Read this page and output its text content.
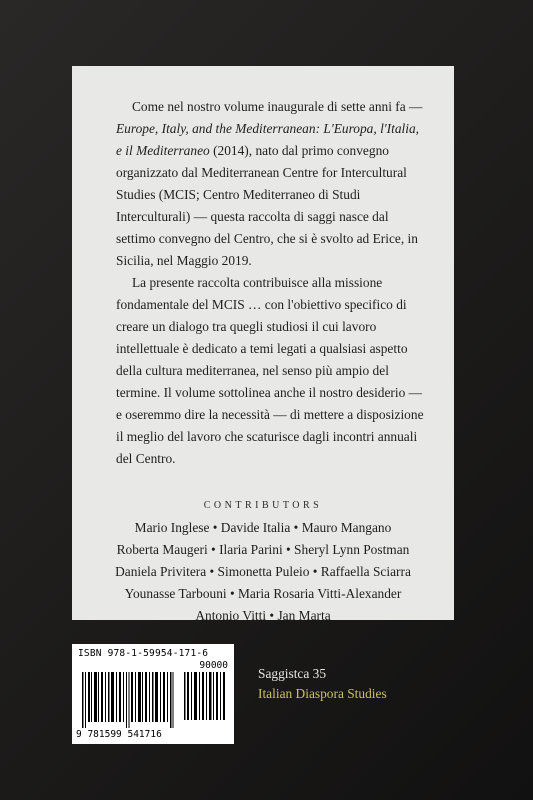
Come nel nostro volume inaugurale di sette anni fa — Europe, Italy, and the Mediterranean: L'Europa, l'Italia, e il Mediterraneo (2014), nato dal primo convegno organizzato dal Mediterranean Centre for Intercultural Studies (MCIS; Centro Mediterraneo di Studi Interculturali) — questa raccolta di saggi nasce dal settimo convegno del Centro, che si è svolto ad Erice, in Sicilia, nel Maggio 2019.

La presente raccolta contribuisce alla missione fondamentale del MCIS … con l'obiettivo specifico di creare un dialogo tra quegli studiosi il cui lavoro intellettuale è dedicato a temi legati a qualsiasi aspetto della cultura mediterranea, nel senso più ampio del termine. Il volume sottolinea anche il nostro desiderio — e oseremmo dire la necessità — di mettere a disposizione il meglio del lavoro che scaturisce dagli incontri annuali del Centro.

CONTRIBUTORS
Mario Inglese • Davide Italia • Mauro Mangano
Roberta Maugeri • Ilaria Parini • Sheryl Lynn Postman
Daniela Privitera • Simonetta Puleio • Raffaella Sciarra
Younasse Tarbouni • Maria Rosaria Vitti-Alexander
Antonio Vitti • Jan Marta
ISBN 978-1-59954-171-6
90000
9 781599 541716
Saggistca 35
Italian Diaspora Studies
